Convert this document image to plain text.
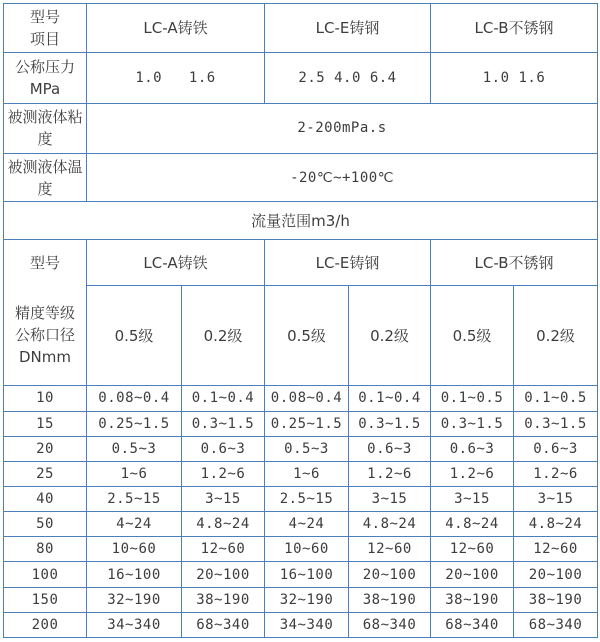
型号
项目	LC-A铸铁		LC-E铸钢		LC-B不锈钢	

公称压力
MPa	1.0   1.6		2.5 4.0 6.4		1.0 1.6	
被测液体粘度	2-200mPa.s					
被测液体温度	-20℃~+100℃					
流量范围m3/h						

型号
精度等级
公称口径DNmm	LC-A铸铁		LC-E铸钢		LC-B不锈钢	
	0.5级	0.2级	0.5级	0.2级	0.5级	0.2级
10	0.08~0.4	0.1~0.4	0.08~0.4	0.1~0.4	0.1~0.5	0.1~0.5
15	0.25~1.5	0.3~1.5	0.25~1.5	0.3~1.5	0.3~1.5	0.3~1.5
20	0.5~3	0.6~3	0.5~3	0.6~3	0.6~3	0.6~3
25	1~6	1.2~6	1~6	1.2~6	1.2~6	1.2~6
40	2.5~15	3~15	2.5~15	3~15	3~15	3~15
50	4~24	4.8~24	4~24	4.8~24	4.8~24	4.8~24
80	10~60	12~60	10~60	12~60	12~60	12~60
100	16~100	20~100	16~100	20~100	20~100	20~100
150	32~190	38~190	32~190	38~190	38~190	38~190
200	34~340	68~340	34~340	68~340	68~340	68~340
